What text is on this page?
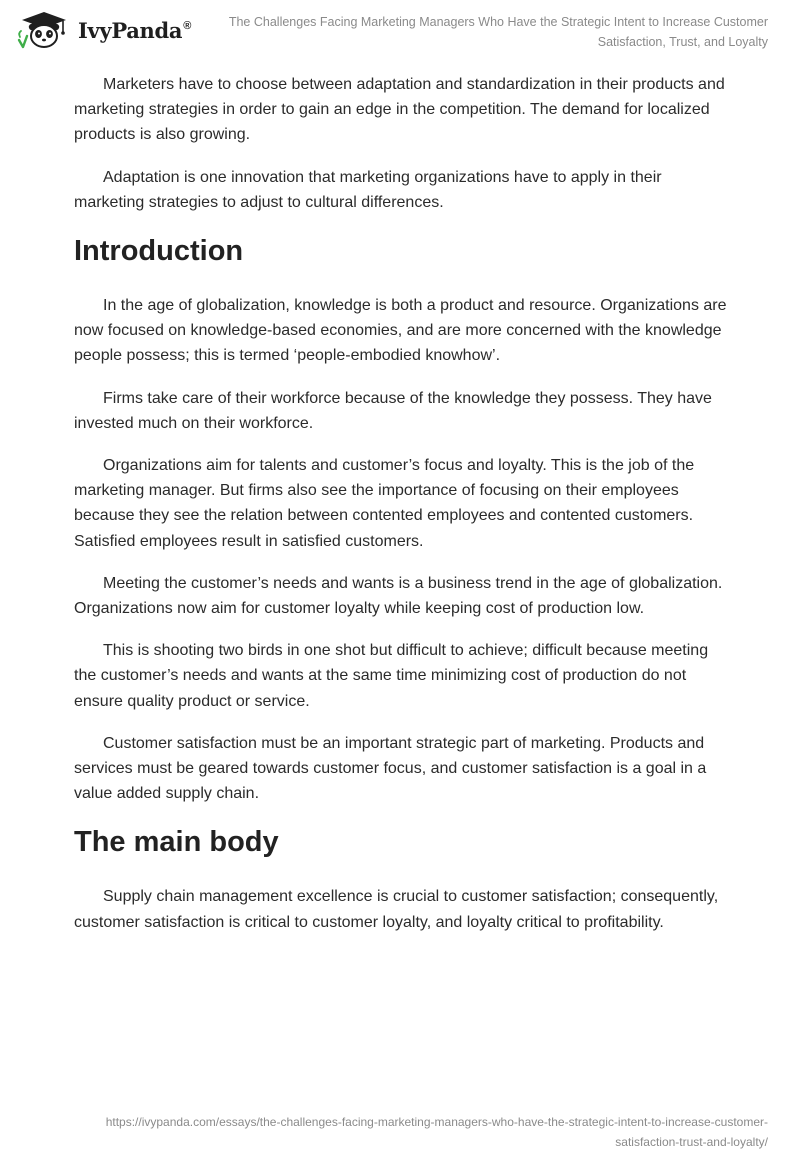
IvyPanda®	The Challenges Facing Marketing Managers Who Have the Strategic Intent to Increase Customer
Satisfaction, Trust, and Loyalty

Marketers have to choose between adaptation and standardization in their products and marketing strategies in order to gain an edge in the competition. The demand for localized products is also growing.

Adaptation is one innovation that marketing organizations have to apply in their marketing strategies to adjust to cultural differences.

Introduction

In the age of globalization, knowledge is both a product and resource. Organizations are now focused on knowledge-based economies, and are more concerned with the knowledge people possess; this is termed ‘people-embodied knowhow’.

Firms take care of their workforce because of the knowledge they possess. They have invested much on their workforce.

Organizations aim for talents and customer’s focus and loyalty. This is the job of the marketing manager. But firms also see the importance of focusing on their employees because they see the relation between contented employees and contented customers. Satisfied employees result in satisfied customers.

Meeting the customer’s needs and wants is a business trend in the age of globalization. Organizations now aim for customer loyalty while keeping cost of production low.

This is shooting two birds in one shot but difficult to achieve; difficult because meeting the customer’s needs and wants at the same time minimizing cost of production do not ensure quality product or service.

Customer satisfaction must be an important strategic part of marketing. Products and services must be geared towards customer focus, and customer satisfaction is a goal in a value added supply chain.

The main body

Supply chain management excellence is crucial to customer satisfaction; consequently, customer satisfaction is critical to customer loyalty, and loyalty critical to profitability.

https://ivypanda.com/essays/the-challenges-facing-marketing-managers-who-have-the-strategic-intent-to-increase-customer-
satisfaction-trust-and-loyalty/
